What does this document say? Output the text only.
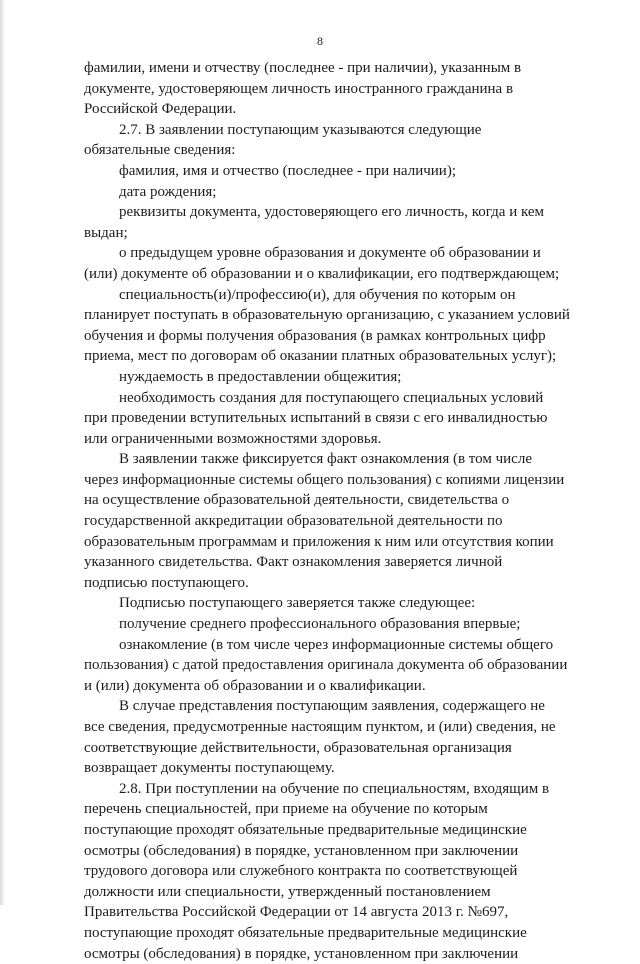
8

фамилии, имени и отчеству (последнее - при наличии), указанным в

документе, удостоверяющем личность иностранного гражданина в

Российской Федерации.

2.7. В заявлении поступающим указываются следующие

обязательные сведения:

фамилия, имя и отчество (последнее - при наличии);

дата рождения;

реквизиты документа, удостоверяющего его личность, когда и кем

выдан;

о предыдущем уровне образования и документе об образовании и

(или) документе об образовании и о квалификации, его подтверждающем;

специальность(и)/профессию(и), для обучения по которым он

планирует поступать в образовательную организацию, с указанием условий

обучения и формы получения образования (в рамках контрольных цифр

приема, мест по договорам об оказании платных образовательных услуг);

нуждаемость в предоставлении общежития;

необходимость создания для поступающего специальных условий

при проведении вступительных испытаний в связи с его инвалидностью

или ограниченными возможностями здоровья.

В заявлении также фиксируется факт ознакомления (в том числе

через информационные системы общего пользования) с копиями лицензии

на осуществление образовательной деятельности, свидетельства о

государственной аккредитации образовательной деятельности по

образовательным программам и приложения к ним или отсутствия копии

указанного свидетельства. Факт ознакомления заверяется личной

подписью поступающего.

Подписью поступающего заверяется также следующее:

получение среднего профессионального образования впервые;

ознакомление (в том числе через информационные системы общего

пользования) с датой предоставления оригинала документа об образовании

и (или) документа об образовании и о квалификации.

В случае представления поступающим заявления, содержащего не

все сведения, предусмотренные настоящим пунктом, и (или) сведения, не

соответствующие действительности, образовательная организация

возвращает документы поступающему.

2.8. При поступлении на обучение по специальностям, входящим в

перечень специальностей, при приеме на обучение по которым

поступающие проходят обязательные предварительные медицинские

осмотры (обследования) в порядке, установленном при заключении

трудового договора или служебного контракта по соответствующей

должности или специальности, утвержденный постановлением

Правительства Российской Федерации от 14 августа 2013 г. №697,

поступающие проходят обязательные предварительные медицинские

осмотры (обследования) в порядке, установленном при заключении
